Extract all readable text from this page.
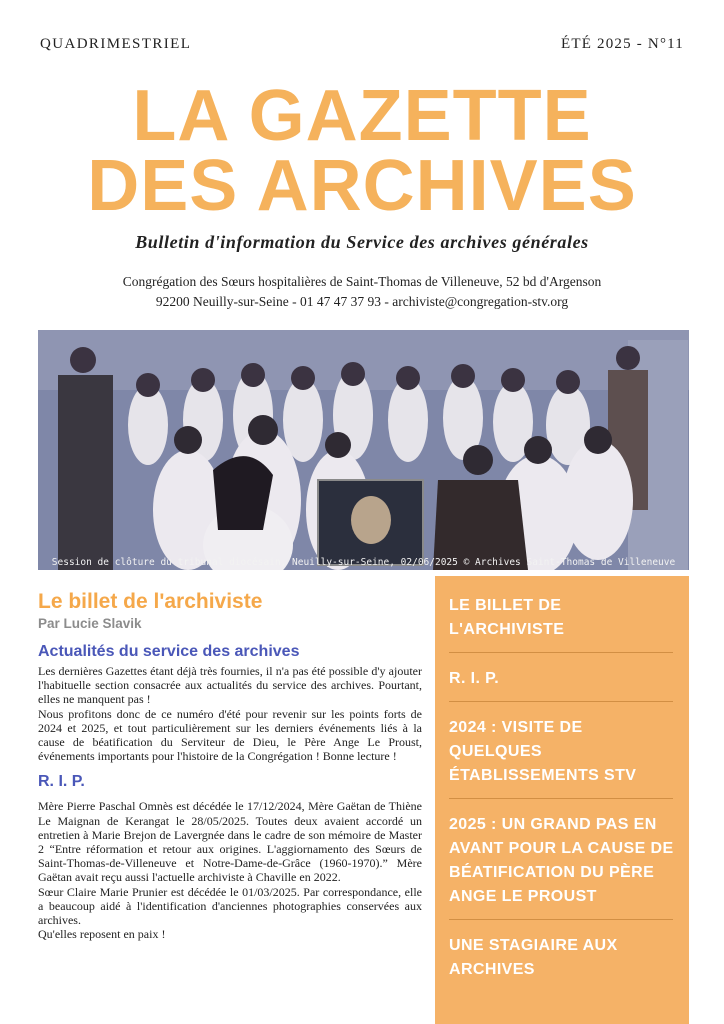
QUADRIMESTRIEL	ÉTÉ 2025 - N°11
LA GAZETTE
DES ARCHIVES
Bulletin d'information du Service des archives générales
Congrégation des Sœurs hospitalières de Saint-Thomas de Villeneuve, 52 bd d'Argenson
92200 Neuilly-sur-Seine - 01 47 47 37 93 - archiviste@congregation-stv.org
Session de clôture du tribunal diocésain, Neuilly-sur-Seine, 02/06/2025 © Archives Saint-Thomas de Villeneuve
Le billet de l'archiviste
Par Lucie Slavik
Actualités du service des archives

Les dernières Gazettes étant déjà très fournies, il n'a pas été possible d'y ajouter l'habituelle section consacrée aux actualités du service des archives. Pourtant, elles ne manquent pas !

Nous profitons donc de ce numéro d'été pour revenir sur les points forts de 2024 et 2025, et tout particulièrement sur les derniers événements liés à la cause de béatification du Serviteur de Dieu, le Père Ange Le Proust, événements importants pour l'histoire de la Congrégation ! Bonne lecture !

R. I. P.

Mère Pierre Paschal Omnès est décédée le 17/12/2024, Mère Gaëtan de Thiène Le Maignan de Kerangat le 28/05/2025. Toutes deux avaient accordé un entretien à Marie Brejon de Lavergnée dans le cadre de son mémoire de Master 2 “Entre réformation et retour aux origines. L'aggiornamento des Sœurs de Saint-Thomas-de-Villeneuve et Notre-Dame-de-Grâce (1960-1970).” Mère Gaëtan avait reçu aussi l'actuelle archiviste à Chaville en 2022.

Sœur Claire Marie Prunier est décédée le 01/03/2025. Par correspondance, elle a beaucoup aidé à l'identification d'anciennes photographies conservées aux archives.

Qu'elles reposent en paix !

LE BILLET DE L'ARCHIVISTE
R. I. P.
2024 : VISITE DE QUELQUES ÉTABLISSEMENTS STV
2025 : UN GRAND PAS EN AVANT POUR LA CAUSE DE BÉATIFICATION DU PÈRE ANGE LE PROUST
UNE STAGIAIRE AUX ARCHIVES
